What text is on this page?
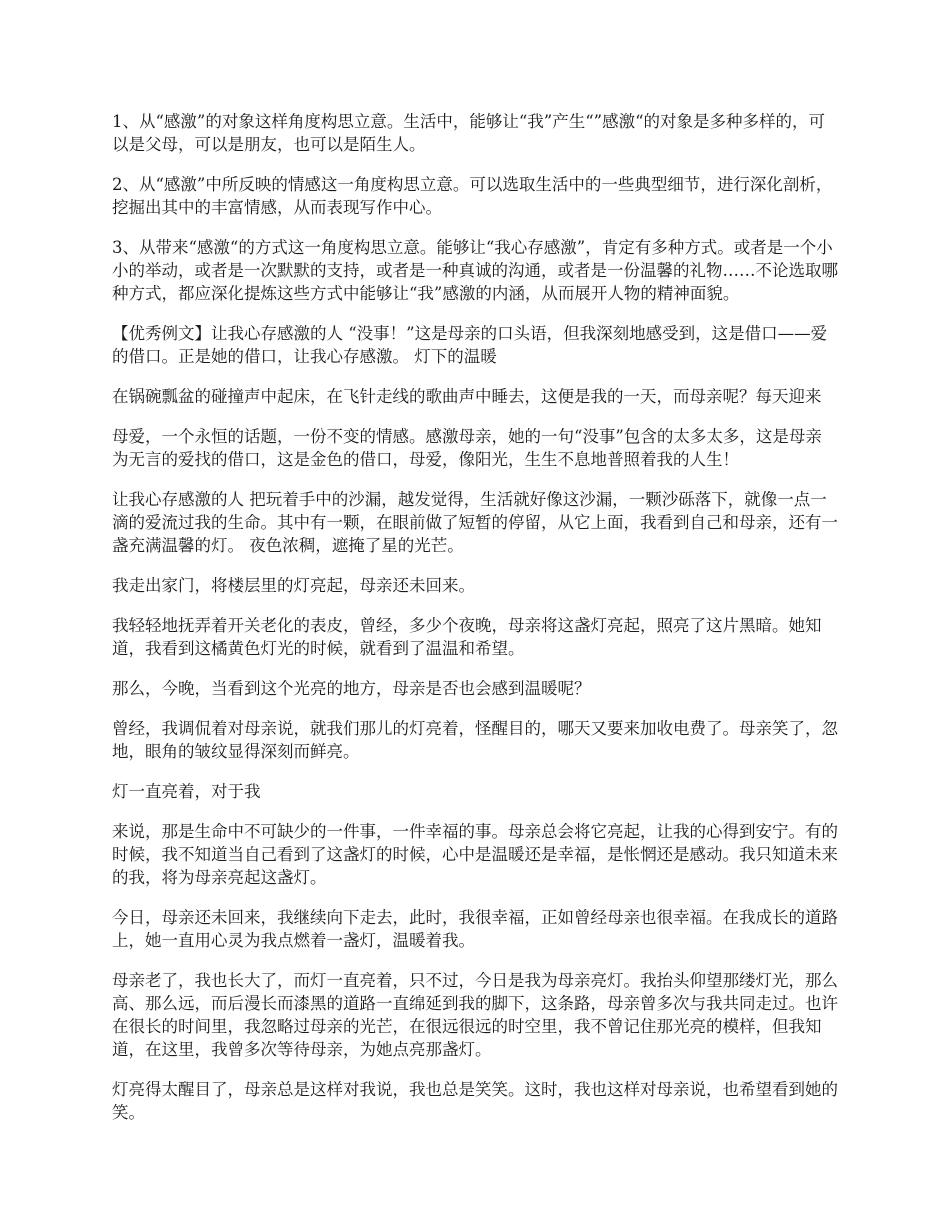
1、从“感激”的对象这样角度构思立意。生活中，能够让“我”产生“”感激“的对象是多种多样的，可以是父母，可以是朋友，也可以是陌生人。

2、从“感激”中所反映的情感这一角度构思立意。可以选取生活中的一些典型细节，进行深化剖析，挖掘出其中的丰富情感，从而表现写作中心。

3、从带来“感激“的方式这一角度构思立意。能够让“我心存感激”，肯定有多种方式。或者是一个小小的举动，或者是一次默默的支持，或者是一种真诚的沟通，或者是一份温馨的礼物……不论选取哪种方式，都应深化提炼这些方式中能够让“我”感激的内涵，从而展开人物的精神面貌。

【优秀例文】让我心存感激的人 “没事！”这是母亲的口头语，但我深刻地感受到，这是借口——爱的借口。正是她的借口，让我心存感激。 灯下的温暖

在锅碗瓢盆的碰撞声中起床，在飞针走线的歌曲声中睡去，这便是我的一天，而母亲呢？每天迎来

母爱，一个永恒的话题，一份不变的情感。感激母亲，她的一句“没事”包含的太多太多，这是母亲为无言的爱找的借口，这是金色的借口，母爱，像阳光，生生不息地普照着我的人生！

让我心存感激的人 把玩着手中的沙漏，越发觉得，生活就好像这沙漏，一颗沙砾落下，就像一点一滴的爱流过我的生命。其中有一颗，在眼前做了短暂的停留，从它上面，我看到自己和母亲，还有一盏充满温馨的灯。 夜色浓稠，遮掩了星的光芒。

我走出家门，将楼层里的灯亮起，母亲还未回来。

我轻轻地抚弄着开关老化的表皮，曾经，多少个夜晚，母亲将这盏灯亮起，照亮了这片黑暗。她知道，我看到这橘黄色灯光的时候，就看到了温温和希望。

那么，今晚，当看到这个光亮的地方，母亲是否也会感到温暖呢？

曾经，我调侃着对母亲说，就我们那儿的灯亮着，怪醒目的，哪天又要来加收电费了。母亲笑了，忽地，眼角的皱纹显得深刻而鲜亮。

灯一直亮着，对于我

来说，那是生命中不可缺少的一件事，一件幸福的事。母亲总会将它亮起，让我的心得到安宁。有的时候，我不知道当自己看到了这盏灯的时候，心中是温暖还是幸福，是怅惘还是感动。我只知道未来的我，将为母亲亮起这盏灯。

今日，母亲还未回来，我继续向下走去，此时，我很幸福，正如曾经母亲也很幸福。在我成长的道路上，她一直用心灵为我点燃着一盏灯，温暖着我。

母亲老了，我也长大了，而灯一直亮着，只不过，今日是我为母亲亮灯。我抬头仰望那缕灯光，那么高、那么远，而后漫长而漆黑的道路一直绵延到我的脚下，这条路，母亲曾多次与我共同走过。也许在很长的时间里，我忽略过母亲的光芒，在很远很远的时空里，我不曾记住那光亮的模样，但我知道，在这里，我曾多次等待母亲，为她点亮那盏灯。

灯亮得太醒目了，母亲总是这样对我说，我也总是笑笑。这时，我也这样对母亲说，也希望看到她的笑。
